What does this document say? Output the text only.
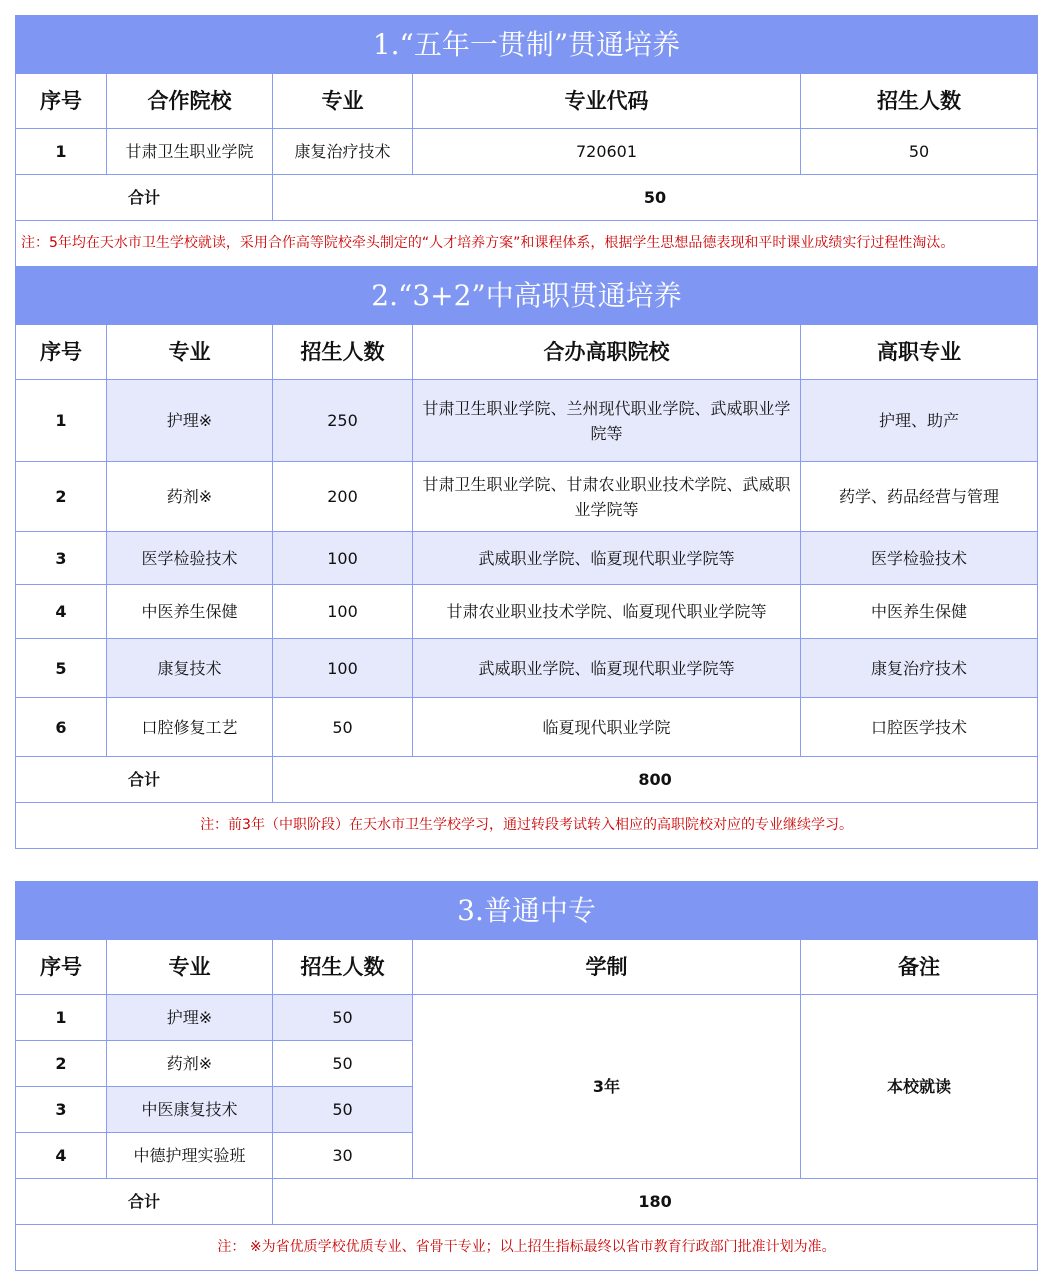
1.“五年一贯制”贯通培养				
序号	合作院校	专业	专业代码	招生人数
1	甘肃卫生职业学院	康复治疗技术	720601	50
合计		50		
注：5年均在天水市卫生学校就读，采用合作高等院校牵头制定的“人才培养方案”和课程体系，根据学生思想品德表现和平时课业成绩实行过程性淘汰。				
2.“3+2”中高职贯通培养				
序号	专业	招生人数	合办高职院校	高职专业
1	护理※	250	甘肃卫生职业学院、兰州现代职业学院、武威职业学院等	护理、助产
2	药剂※	200	甘肃卫生职业学院、甘肃农业职业技术学院、武威职业学院等	药学、药品经营与管理
3	医学检验技术	100	武威职业学院、临夏现代职业学院等	医学检验技术
4	中医养生保健	100	甘肃农业职业技术学院、临夏现代职业学院等	中医养生保健
5	康复技术	100	武威职业学院、临夏现代职业学院等	康复治疗技术
6	口腔修复工艺	50	临夏现代职业学院	口腔医学技术
合计		800		
注：前3年（中职阶段）在天水市卫生学校学习，通过转段考试转入相应的高职院校对应的专业继续学习。				
3.普通中专				
序号	专业	招生人数	学制	备注
1	护理※	50	3年	本校就读
2	药剂※	50		
3	中医康复技术	50		
4	中德护理实验班	30		
合计		180		
注： ※为省优质学校优质专业、省骨干专业；以上招生指标最终以省市教育行政部门批准计划为准。				
